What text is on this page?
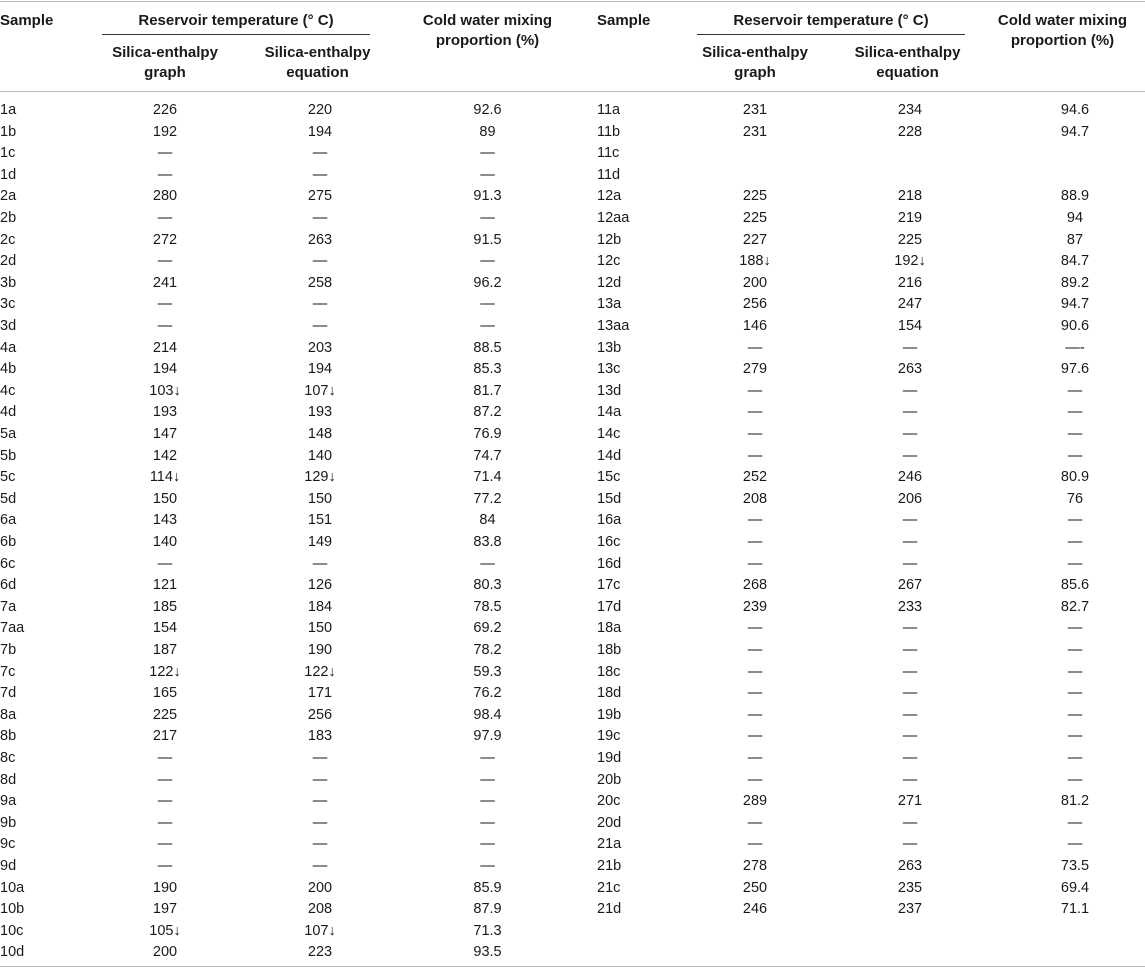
Sample	Reservoir temperature (° C)
Silica-enthalpy graph
Silica-enthalpy equation
Cold water mixing proportion (%)
Sample	Reservoir temperature (° C)
Silica-enthalpy graph
Silica-enthalpy equation
Cold water mixing proportion (%)
1a	226	220	92.6
1b	192	194	89
1c	—	—	—
1d	—	—	—
2a	280	275	91.3
2b	—	—	—
2c	272	263	91.5
2d	—	—	—
3b	241	258	96.2
3c	—	—	—
3d	—	—	—
4a	214	203	88.5
4b	194	194	85.3
4c	103↓	107↓	81.7
4d	193	193	87.2
5a	147	148	76.9
5b	142	140	74.7
5c	114↓	129↓	71.4
5d	150	150	77.2
6a	143	151	84
6b	140	149	83.8
6c	—	—	—
6d	121	126	80.3
7a	185	184	78.5
7aa	154	150	69.2
7b	187	190	78.2
7c	122↓	122↓	59.3
7d	165	171	76.2
8a	225	256	98.4
8b	217	183	97.9
8c	—	—	—
8d	—	—	—
9a	—	—	—
9b	—	—	—
9c	—	—	—
9d	—	—	—
10a	190	200	85.9
10b	197	208	87.9
10c	105↓	107↓	71.3
10d	200	223	93.5
11a	231	234	94.6
11b	231	228	94.7
11c
11d
12a	225	218	88.9
12aa	225	219	94
12b	227	225	87
12c	188↓	192↓	84.7
12d	200	216	89.2
13a	256	247	94.7
13aa	146	154	90.6
13b	—	—	—-
13c	279	263	97.6
13d	—	—	—
14a	—	—	—
14c	—	—	—
14d	—	—	—
15c	252	246	80.9
15d	208	206	76
16a	—	—	—
16c	—	—	—
16d	—	—	—
17c	268	267	85.6
17d	239	233	82.7
18a	—	—	—
18b	—	—	—
18c	—	—	—
18d	—	—	—
19b	—	—	—
19c	—	—	—
19d	—	—	—
20b	—	—	—
20c	289	271	81.2
20d	—	—	—
21a	—	—	—
21b	278	263	73.5
21c	250	235	69.4
21d	246	237	71.1
